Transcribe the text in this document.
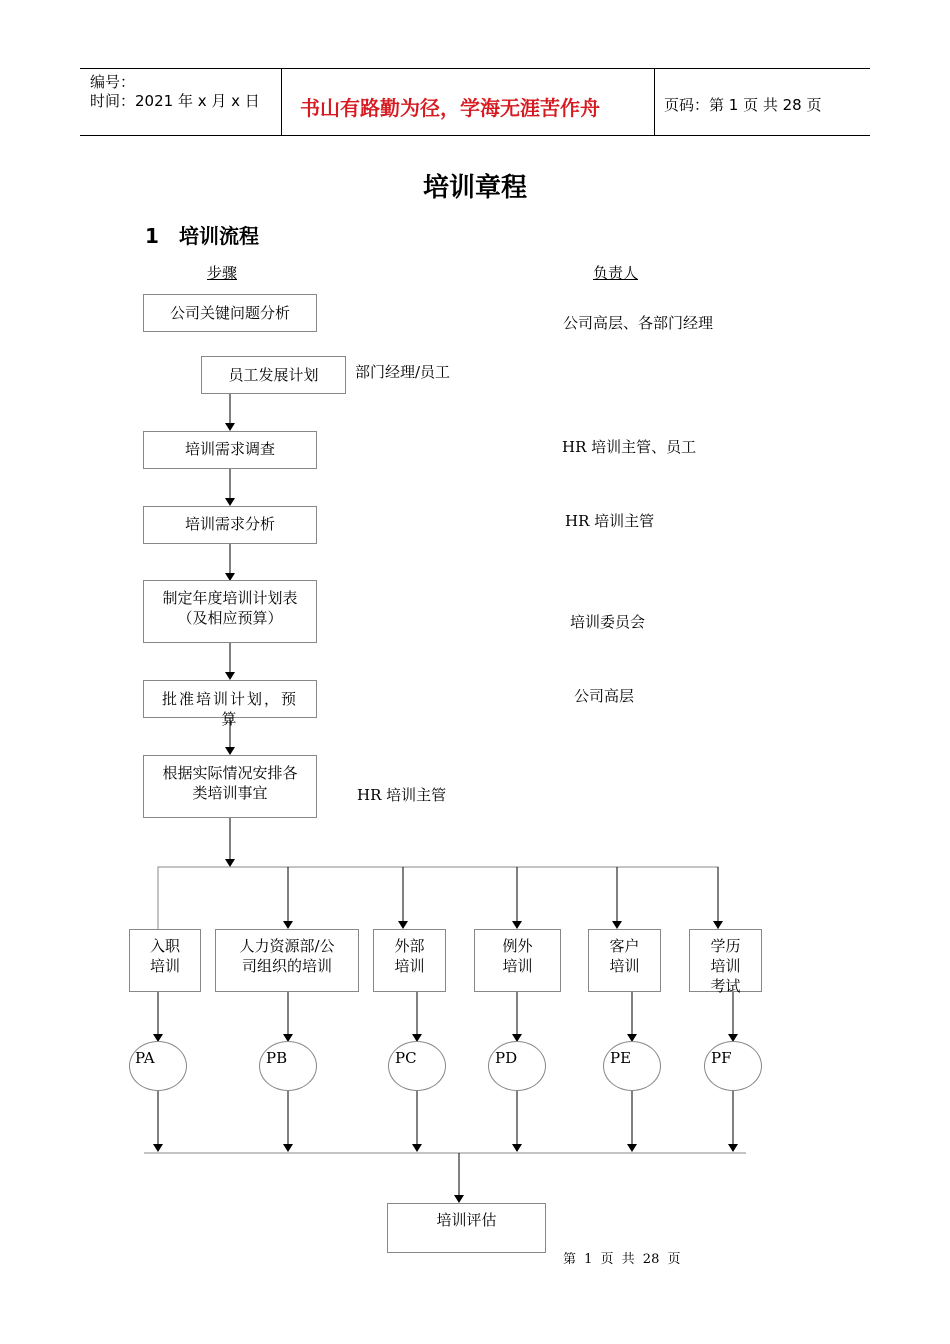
编号：
时间：2021 年 x 月 x 日 书山有路勤为径，学海无涯苦作舟	页码：第 1 页 共 28 页
培训章程
1 培训流程
步骤	负责人
公司关键问题分析
员工发展计划
培训需求调查
培训需求分析
制定年度培训计划表（及相应预算）
批准培训计划，预算
根据实际情况安排各类培训事宜
公司高层、各部门经理
部门经理/员工
HR 培训主管、员工
HR 培训主管
培训委员会
公司高层
HR 培训主管
入职培训
人力资源部/公司组织的培训
外部培训
例外培训
客户培训
学历培训考试
PA	PB	PC	PD	PE	PF
培训评估
第 1 页 共 28 页
